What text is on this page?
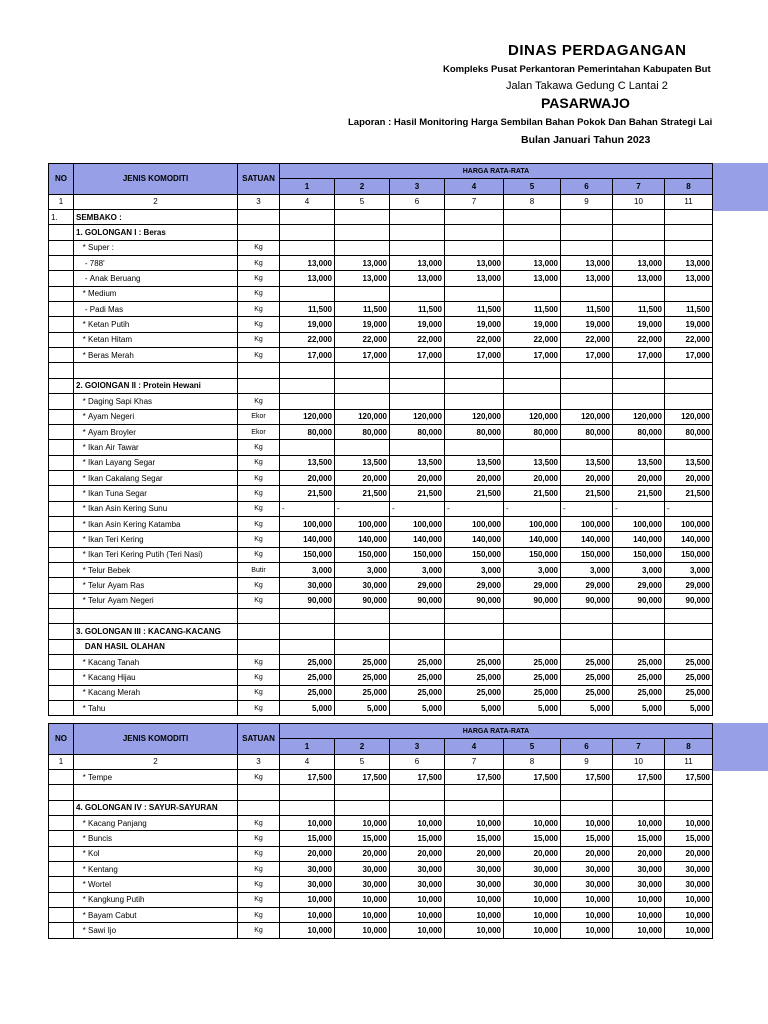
DINAS PERDAGANGAN
Kompleks Pusat Perkantoran Pemerintahan Kabupaten But
Jalan Takawa Gedung C Lantai 2
PASARWAJO
Laporan : Hasil Monitoring Harga Sembilan Bahan Pokok Dan Bahan Strategi Lai
Bulan Januari Tahun 2023
NO	JENIS KOMODITI	SATUAN	HARGA RATA-RATA							
			1	2	3	4	5	6	7	8
1	2	3	4	5	6	7	8	9	10	11
1.	SEMBAKO :									
	1. GOLONGAN I : Beras									
	* Super :	Kg								
	- 788'	Kg	13,000	13,000	13,000	13,000	13,000	13,000	13,000	13,000
	- Anak Beruang	Kg	13,000	13,000	13,000	13,000	13,000	13,000	13,000	13,000
	* Medium	Kg								
	- Padi Mas	Kg	11,500	11,500	11,500	11,500	11,500	11,500	11,500	11,500
	* Ketan Putih	Kg	19,000	19,000	19,000	19,000	19,000	19,000	19,000	19,000
	* Ketan Hitam	Kg	22,000	22,000	22,000	22,000	22,000	22,000	22,000	22,000
	* Beras Merah	Kg	17,000	17,000	17,000	17,000	17,000	17,000	17,000	17,000

	2. GOlONGAN II : Protein Hewani									
	* Daging Sapi Khas	Kg								
	* Ayam Negeri	Ekor	120,000	120,000	120,000	120,000	120,000	120,000	120,000	120,000
	* Ayam Broyler	Ekor	80,000	80,000	80,000	80,000	80,000	80,000	80,000	80,000
	* Ikan Air Tawar	Kg								
	* Ikan Layang Segar	Kg	13,500	13,500	13,500	13,500	13,500	13,500	13,500	13,500
	* Ikan Cakalang Segar	Kg	20,000	20,000	20,000	20,000	20,000	20,000	20,000	20,000
	* Ikan Tuna Segar	Kg	21,500	21,500	21,500	21,500	21,500	21,500	21,500	21,500
	* Ikan Asin Kering Sunu	Kg	-	-	-	-	-	-	-	-
	* Ikan Asin Kering Katamba	Kg	100,000	100,000	100,000	100,000	100,000	100,000	100,000	100,000
	* Ikan Teri Kering	Kg	140,000	140,000	140,000	140,000	140,000	140,000	140,000	140,000
	* Ikan Teri Kering Putih (Teri Nasi)	Kg	150,000	150,000	150,000	150,000	150,000	150,000	150,000	150,000
	* Telur Bebek	Butir	3,000	3,000	3,000	3,000	3,000	3,000	3,000	3,000
	* Telur Ayam Ras	Kg	30,000	30,000	29,000	29,000	29,000	29,000	29,000	29,000
	* Telur Ayam Negeri	Kg	90,000	90,000	90,000	90,000	90,000	90,000	90,000	90,000

	3. GOLONGAN III : KACANG-KACANG									
	DAN HASIL OLAHAN									
	* Kacang Tanah	Kg	25,000	25,000	25,000	25,000	25,000	25,000	25,000	25,000
	* Kacang Hijau	Kg	25,000	25,000	25,000	25,000	25,000	25,000	25,000	25,000
	* Kacang Merah	Kg	25,000	25,000	25,000	25,000	25,000	25,000	25,000	25,000
	* Tahu	Kg	5,000	5,000	5,000	5,000	5,000	5,000	5,000	5,000
NO	JENIS KOMODITI	SATUAN	HARGA RATA-RATA							
			1	2	3	4	5	6	7	8
1	2	3	4	5	6	7	8	9	10	11
	* Tempe	Kg	17,500	17,500	17,500	17,500	17,500	17,500	17,500	17,500

	4. GOLONGAN IV : SAYUR-SAYURAN									
	* Kacang Panjang	Kg	10,000	10,000	10,000	10,000	10,000	10,000	10,000	10,000
	* Buncis	Kg	15,000	15,000	15,000	15,000	15,000	15,000	15,000	15,000
	* Kol	Kg	20,000	20,000	20,000	20,000	20,000	20,000	20,000	20,000
	* Kentang	Kg	30,000	30,000	30,000	30,000	30,000	30,000	30,000	30,000
	* Wortel	Kg	30,000	30,000	30,000	30,000	30,000	30,000	30,000	30,000
	* Kangkung Putih	Kg	10,000	10,000	10,000	10,000	10,000	10,000	10,000	10,000
	* Bayam Cabut	Kg	10,000	10,000	10,000	10,000	10,000	10,000	10,000	10,000
	* Sawi Ijo	Kg	10,000	10,000	10,000	10,000	10,000	10,000	10,000	10,000
